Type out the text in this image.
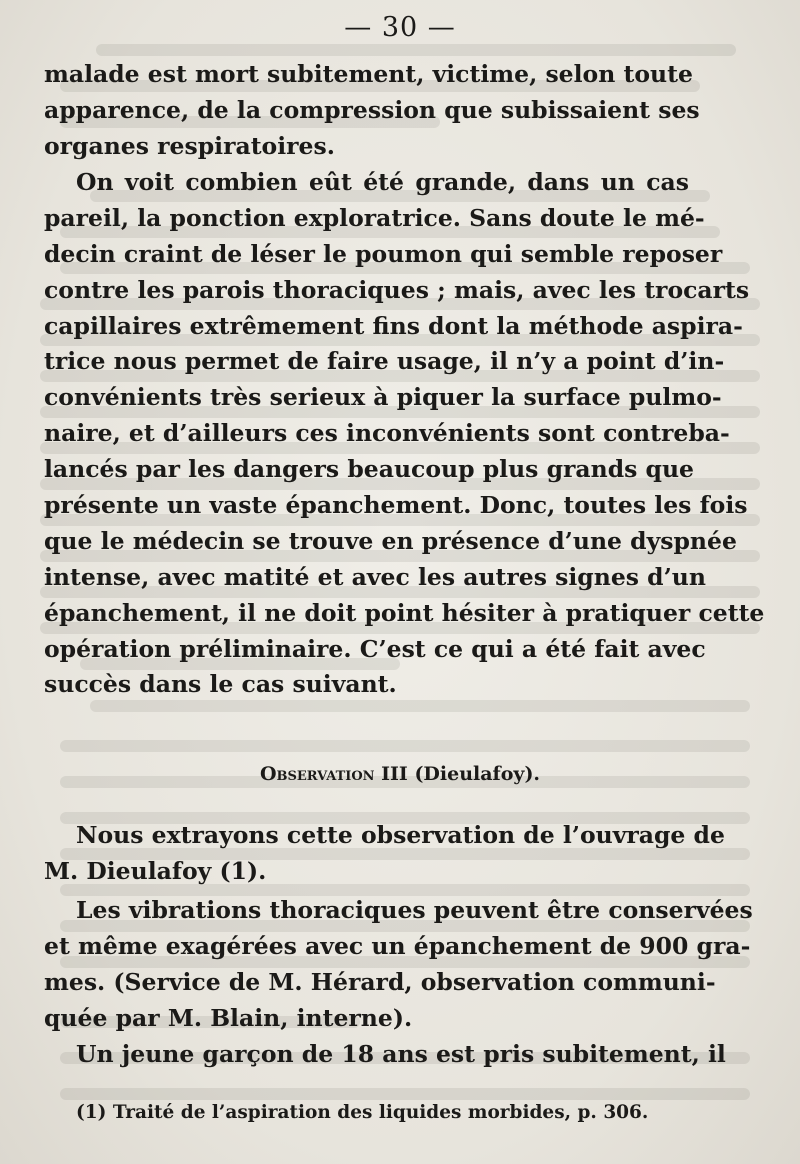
— 30 —
malade est mort subitement, victime, selon toute
apparence, de la compression que subissaient ses
organes respiratoires.
On voit combien eût été grande, dans un cas
pareil, la ponction exploratrice. Sans doute le mé-
decin craint de léser le poumon qui semble reposer
contre les parois thoraciques ; mais, avec les trocarts
capillaires extrêmement fins dont la méthode aspira-
trice nous permet de faire usage, il n’y a point d’in-
convénients très serieux à piquer la surface pulmo-
naire, et d’ailleurs ces inconvénients sont contreba-
lancés par les dangers beaucoup plus grands que
présente un vaste épanchement. Donc, toutes les fois
que le médecin se trouve en présence d’une dyspnée
intense, avec matité et avec les autres signes d’un
épanchement, il ne doit point hésiter à pratiquer cette
opération préliminaire. C’est ce qui a été fait avec
succès dans le cas suivant.
Observation III (Dieulafoy).
Nous extrayons cette observation de l’ouvrage de
M. Dieulafoy (1).
Les vibrations thoraciques peuvent être conservées
et même exagérées avec un épanchement de 900 gra-
mes. (Service de M. Hérard, observation communi-
quée par M. Blain, interne).
Un jeune garçon de 18 ans est pris subitement, il
(1) Traité de l’aspiration des liquides morbides, p. 306.
